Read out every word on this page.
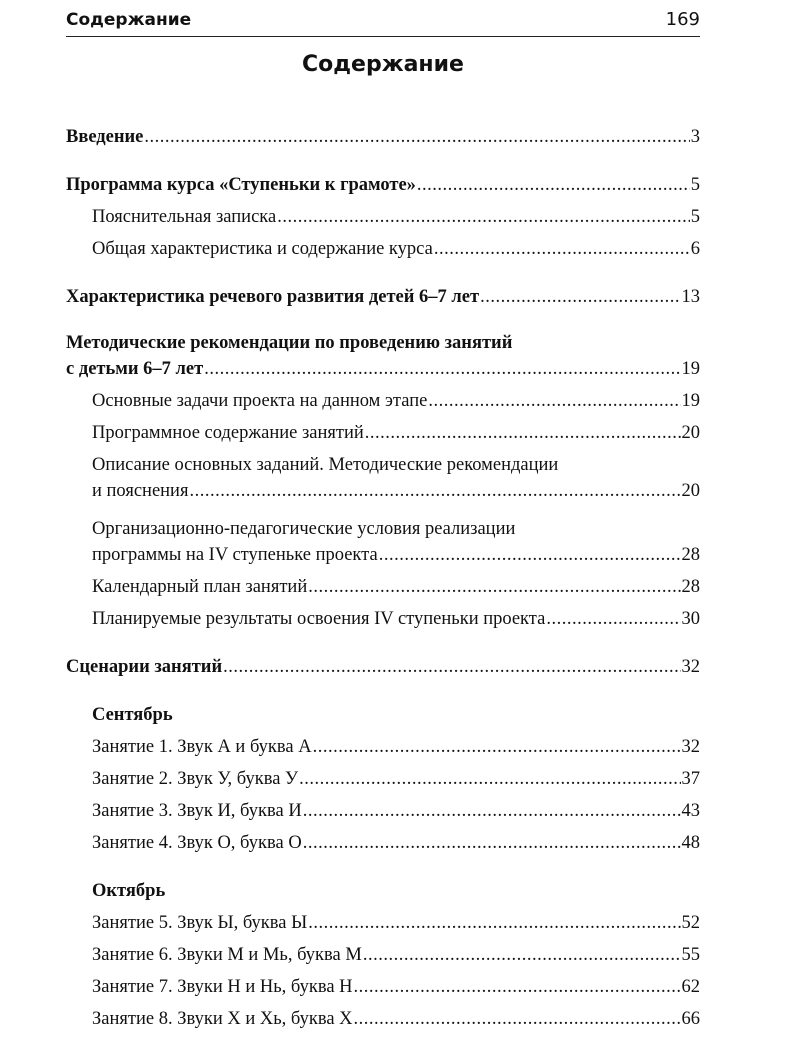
Содержание	169
Содержание
Введение .....	3
Программа курса «Ступеньки к грамоте» .....	5
Пояснительная записка .....	5
Общая характеристика и содержание курса .....	6
Характеристика речевого развития детей 6–7 лет .....	13
Методические рекомендации по проведению занятий
с детьми 6–7 лет .....	19
Основные задачи проекта на данном этапе .....	19
Программное содержание занятий .....	20
Описание основных заданий. Методические рекомендации
и пояснения .....	20
Организационно-педагогические условия реализации
программы на IV ступеньке проекта .....	28
Календарный план занятий .....	28
Планируемые результаты освоения IV ступеньки проекта .....	30
Сценарии занятий .....	32
Сентябрь
Занятие 1. Звук А и буква А .....	32
Занятие 2. Звук У, буква У .....	37
Занятие 3. Звук И, буква И .....	43
Занятие 4. Звук О, буква О .....	48
Октябрь
Занятие 5. Звук Ы, буква Ы .....	52
Занятие 6. Звуки М и Мь, буква М .....	55
Занятие 7. Звуки Н и Нь, буква Н .....	62
Занятие 8. Звуки Х и Хь, буква Х .....	66
